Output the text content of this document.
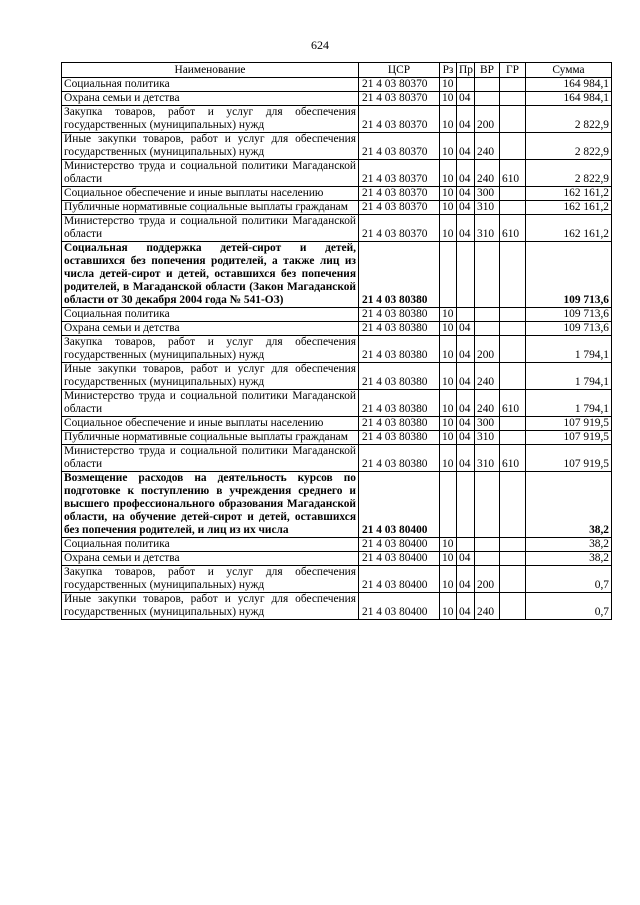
624
Наименование	ЦСР	Рз	Пр	ВР	ГР	Сумма
Социальная политика	21 4 03 80370	10				164 984,1
Охрана семьи и детства	21 4 03 80370	10	04			164 984,1
Закупка товаров, работ и услуг для обеспечения государственных (муниципальных) нужд	21 4 03 80370	10	04	200		2 822,9
Иные закупки товаров, работ и услуг для обеспечения государственных (муниципальных) нужд	21 4 03 80370	10	04	240		2 822,9
Министерство труда и социальной политики Магаданской области	21 4 03 80370	10	04	240	610	2 822,9
Социальное обеспечение и иные выплаты населению	21 4 03 80370	10	04	300		162 161,2
Публичные нормативные социальные выплаты гражданам	21 4 03 80370	10	04	310		162 161,2
Министерство труда и социальной политики Магаданской области	21 4 03 80370	10	04	310	610	162 161,2
Социальная поддержка детей-сирот и детей, оставшихся без попечения родителей, а также лиц из числа детей-сирот и детей, оставшихся без попечения родителей, в Магаданской области (Закон Магаданской области от 30 декабря 2004 года № 541-ОЗ)	21 4 03 80380					109 713,6
Социальная политика	21 4 03 80380	10				109 713,6
Охрана семьи и детства	21 4 03 80380	10	04			109 713,6
Закупка товаров, работ и услуг для обеспечения государственных (муниципальных) нужд	21 4 03 80380	10	04	200		1 794,1
Иные закупки товаров, работ и услуг для обеспечения государственных (муниципальных) нужд	21 4 03 80380	10	04	240		1 794,1
Министерство труда и социальной политики Магаданской области	21 4 03 80380	10	04	240	610	1 794,1
Социальное обеспечение и иные выплаты населению	21 4 03 80380	10	04	300		107 919,5
Публичные нормативные социальные выплаты гражданам	21 4 03 80380	10	04	310		107 919,5
Министерство труда и социальной политики Магаданской области	21 4 03 80380	10	04	310	610	107 919,5
Возмещение расходов на деятельность курсов по подготовке к поступлению в учреждения среднего и высшего профессионального образования Магаданской области, на обучение детей-сирот и детей, оставшихся без попечения родителей, и лиц из их числа	21 4 03 80400					38,2
Социальная политика	21 4 03 80400	10				38,2
Охрана семьи и детства	21 4 03 80400	10	04			38,2
Закупка товаров, работ и услуг для обеспечения государственных (муниципальных) нужд	21 4 03 80400	10	04	200		0,7
Иные закупки товаров, работ и услуг для обеспечения государственных (муниципальных) нужд	21 4 03 80400	10	04	240		0,7
